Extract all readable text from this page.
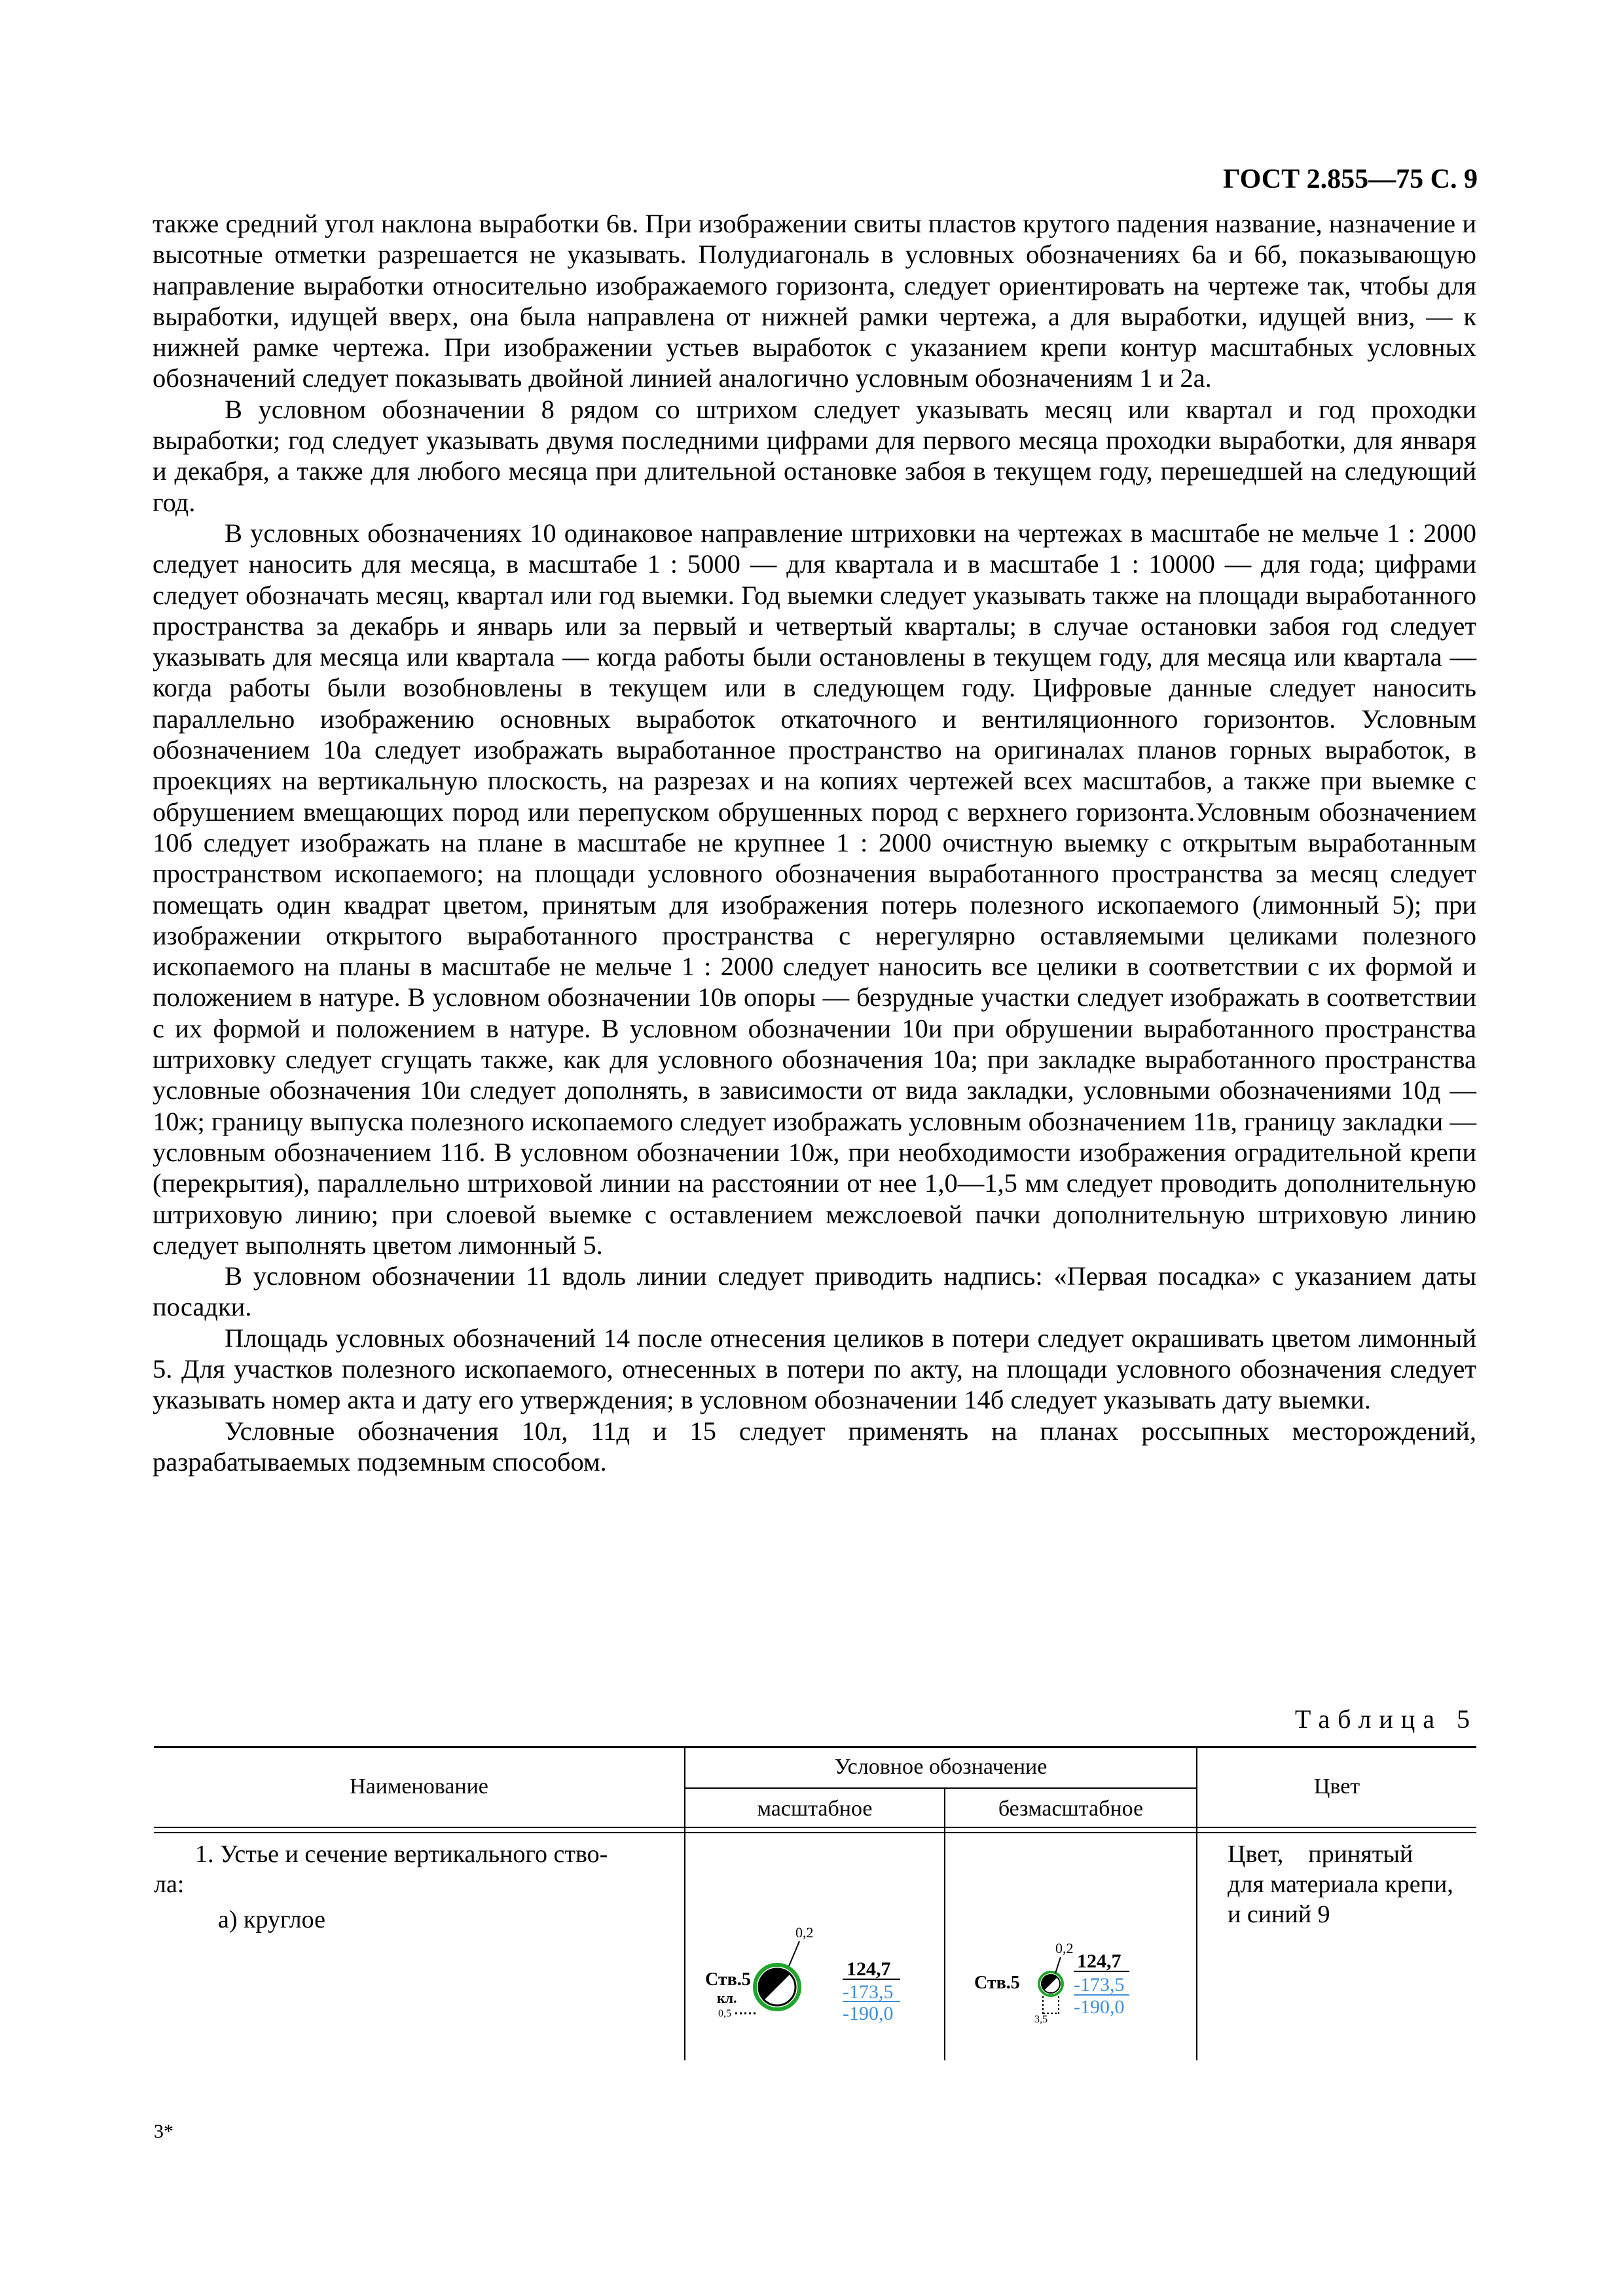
ГОСТ 2.855—75 С. 9

также средний угол наклона выработки 6в. При изображении свиты пластов крутого падения название, назначение и высотные отметки разрешается не указывать. Полудиагональ в условных обозначениях 6а и 6б, показывающую направление выработки относительно изображаемого горизонта, следует ориентировать на чертеже так, чтобы для выработки, идущей вверх, она была направлена от нижней рамки чертежа, а для выработки, идущей вниз, — к нижней рамке чертежа. При изображении устьев выработок с указанием крепи контур масштабных условных обозначений следует показывать двойной линией аналогично условным обозначениям 1 и 2а.

В условном обозначении 8 рядом со штрихом следует указывать месяц или квартал и год проходки выработки; год следует указывать двумя последними цифрами для первого месяца проходки выработки, для января и декабря, а также для любого месяца при длительной остановке забоя в текущем году, перешедшей на следующий год.

В условных обозначениях 10 одинаковое направление штриховки на чертежах в масштабе не мельче 1 : 2000 следует наносить для месяца, в масштабе 1 : 5000 — для квартала и в масштабе 1 : 10000 — для года; цифрами следует обозначать месяц, квартал или год выемки. Год выемки следует указывать также на площади выработанного пространства за декабрь и январь или за первый и четвертый кварталы; в случае остановки забоя год следует указывать для месяца или квартала — когда работы были остановлены в текущем году, для месяца или квартала — когда работы были возобновлены в текущем или в следующем году. Цифровые данные следует наносить параллельно изображению основных выработок откаточного и вентиляционного горизонтов. Условным обозначением 10а следует изображать выработанное пространство на оригиналах планов горных выработок, в проекциях на вертикальную плоскость, на разрезах и на копиях чертежей всех масштабов, а также при выемке с обрушением вмещающих пород или перепуском обрушенных пород с верхнего горизонта.Условным обозначением 10б следует изображать на плане в масштабе не крупнее 1 : 2000 очистную выемку с открытым выработанным пространством ископаемого; на площади условного обозначения выработанного пространства за месяц следует помещать один квадрат цветом, принятым для изображения потерь полезного ископаемого (лимонный 5); при изображении открытого выработанного пространства с нерегулярно оставляемыми целиками полезного ископаемого на планы в масштабе не мельче 1 : 2000 следует наносить все целики в соответствии с их формой и положением в натуре. В условном обозначении 10в опоры — безрудные участки следует изображать в соответствии с их формой и положением в натуре. В условном обозначении 10и при обрушении выработанного пространства штриховку следует сгущать также, как для условного обозначения 10а; при закладке выработанного пространства условные обозначения 10и следует дополнять, в зависимости от вида закладки, условными обозначениями 10д — 10ж; границу выпуска полезного ископаемого следует изображать условным обозначением 11в, границу закладки — условным обозначением 11б. В условном обозначении 10ж, при необходимости изображения оградительной крепи (перекрытия), параллельно штриховой линии на расстоянии от нее 1,0—1,5 мм следует проводить дополнительную штриховую линию; при слоевой выемке с оставлением межслоевой пачки дополнительную штриховую линию следует выполнять цветом лимонный 5.

В условном обозначении 11 вдоль линии следует приводить надпись: «Первая посадка» с указанием даты посадки.

Площадь условных обозначений 14 после отнесения целиков в потери следует окрашивать цветом лимонный 5. Для участков полезного ископаемого, отнесенных в потери по акту, на площади условного обозначения следует указывать номер акта и дату его утверждения; в условном обозначении 14б следует указывать дату выемки.

Условные обозначения 10л, 11д и 15 следует применять на планах россыпных месторождений, разрабатываемых подземным способом.

Таблица 5
Наименование
Условное обозначение
масштабное	безмасштабное
Цвет
1. Устье и сечение вертикального ство-
ла:
а) круглое
Цвет,    принятый
для материала крепи,
и синий 9
0,2
Ств.5
кл.
0,5
124,7
-173,5
-190,0
0,2
Ств.5
3,5
124,7
-173,5
-190,0
3*
